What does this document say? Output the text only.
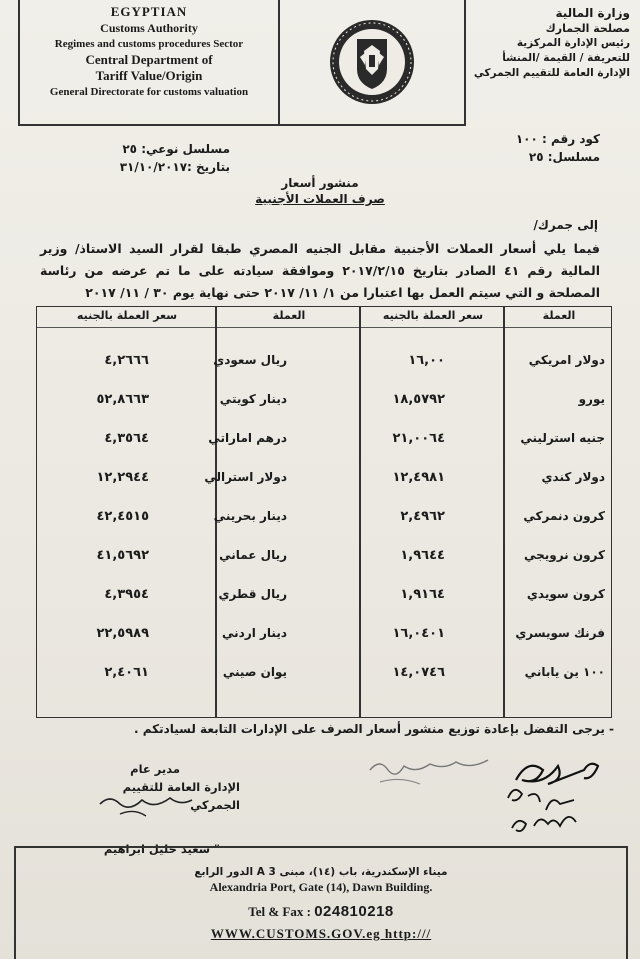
EGYPTIAN
Customs Authority
Regimes and customs procedures Sector
Central Department of
Tariff Value/Origin
General Directorate for customs valuation
وزارة المالية
مصلحة الجمارك
رئيس الإدارة المركزية
للتعريفة / القيمة /المنشأ
الإدارة العامة للتقييم الجمركي
كود رقم : ١٠٠
مسلسل: ٢٥
مسلسل نوعي: ٢٥
بتاريخ :٣١/١٠/٢٠١٧
منشور أسعار
صرف العملات الأجنبية
إلى جمرك/
فيما يلي أسعار العملات الأجنبية مقابل الجنيه المصري طبقا لقرار السيد الاستاذ/ وزير المالية رقم ٤١ الصادر بتاريخ ٢٠١٧/٢/١٥ وموافقة سيادته على ما تم عرضه من رئاسة المصلحة و التي سيتم العمل بها اعتبارا من ١/ ١١/ ٢٠١٧ حتى نهاية يوم ٣٠ / ١١/ ٢٠١٧
العملة
سعر العملة بالجنيه
العملة
سعر العملة بالجنيه
دولار امريكي
١٦,٠٠
ريال سعودي
٤,٢٦٦٦
يورو
١٨,٥٧٩٢
دينار كويتي
٥٢,٨٦٦٣
جنيه استرليني
٢١,٠٠٦٤
درهم اماراتي
٤,٣٥٦٤
دولار كندي
١٢,٤٩٨١
دولار استرالي
١٢,٢٩٤٤
كرون دنمركي
٢,٤٩٦٢
دينار بحريني
٤٢,٤٥١٥
كرون نرويجي
١,٩٦٤٤
ريال عماني
٤١,٥٦٩٢
كرون سويدي
١,٩١٦٤
ريال قطري
٤,٣٩٥٤
فرنك سويسري
١٦,٠٤٠١
دينار اردني
٢٢,٥٩٨٩
١٠٠ ين ياباني
١٤,٠٧٤٦
يوان صيني
٢,٤٠٦١
- يرجى التفضل بإعادة توزيع منشور أسعار الصرف على الإدارات التابعة لسيادتكم .
مدير عام
الإدارة العامة للتقييم الجمركي
" سعيد خليل ابراهيم
ميناء الإسكندرية، باب (١٤)، مبنى A 3 الدور الرابع
Alexandria Port, Gate (14), Dawn Building.
Tel & Fax : 024810218
WWW.CUSTOMS.GOV.eg http:///
